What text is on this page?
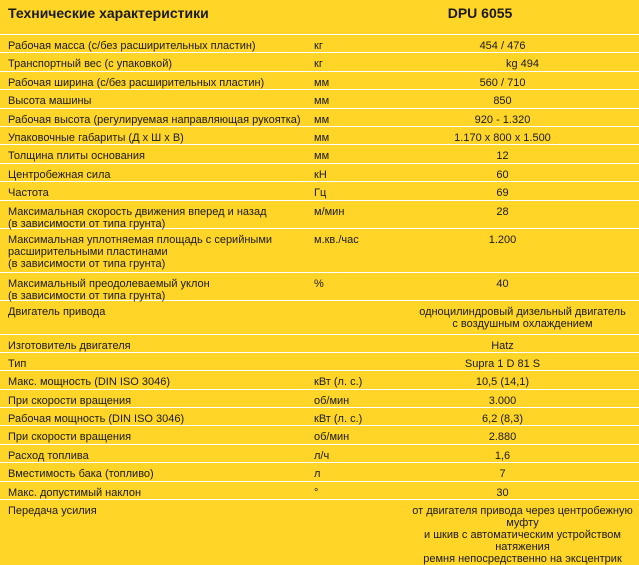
Технические характеристики	DPU 6055
Рабочая масса (с/без расширительных пластин)	кг	454 / 476
Транспортный вес (с упаковкой)	кг	kg 494
Рабочая ширина (с/без расширительных пластин)	мм	560 / 710
Высота машины	мм	850
Рабочая высота (регулируемая направляющая рукоятка)	мм	920 - 1.320
Упаковочные габариты (Д х Ш х В)	мм	1.170 х 800 х 1.500
Толщина плиты основания	мм	12
Центробежная сила	кН	60
Частота	Гц	69
Максимальная скорость движения вперед и назад
(в зависимости от типа грунта)
м/мин	28
Максимальная уплотняемая площадь с серийными расширительными пластинами
(в зависимости от типа грунта)
м.кв./час	1.200
Максимальный преодолеваемый уклон
(в зависимости от типа грунта)
%	40
Двигатель привода	одноцилиндровый дизельный двигатель
с воздушным охлаждением
Изготовитель двигателя	Hatz
Тип	Supra 1 D 81 S
Макс. мощность (DIN ISO 3046)	кВт (л. с.)	10,5 (14,1)
При скорости вращения	об/мин	3.000
Рабочая мощность (DIN ISO 3046)	кВт (л. с.)	6,2 (8,3)
При скорости вращения	об/мин	2.880
Расход топлива	л/ч	1,6
Вместимость бака (топливо)	л	7
Макс. допустимый наклон	°	30
Передача усилия	от двигателя привода через центробежную муфту
и шкив с автоматическим устройством натяжения
ремня непосредственно на эксцентрик
